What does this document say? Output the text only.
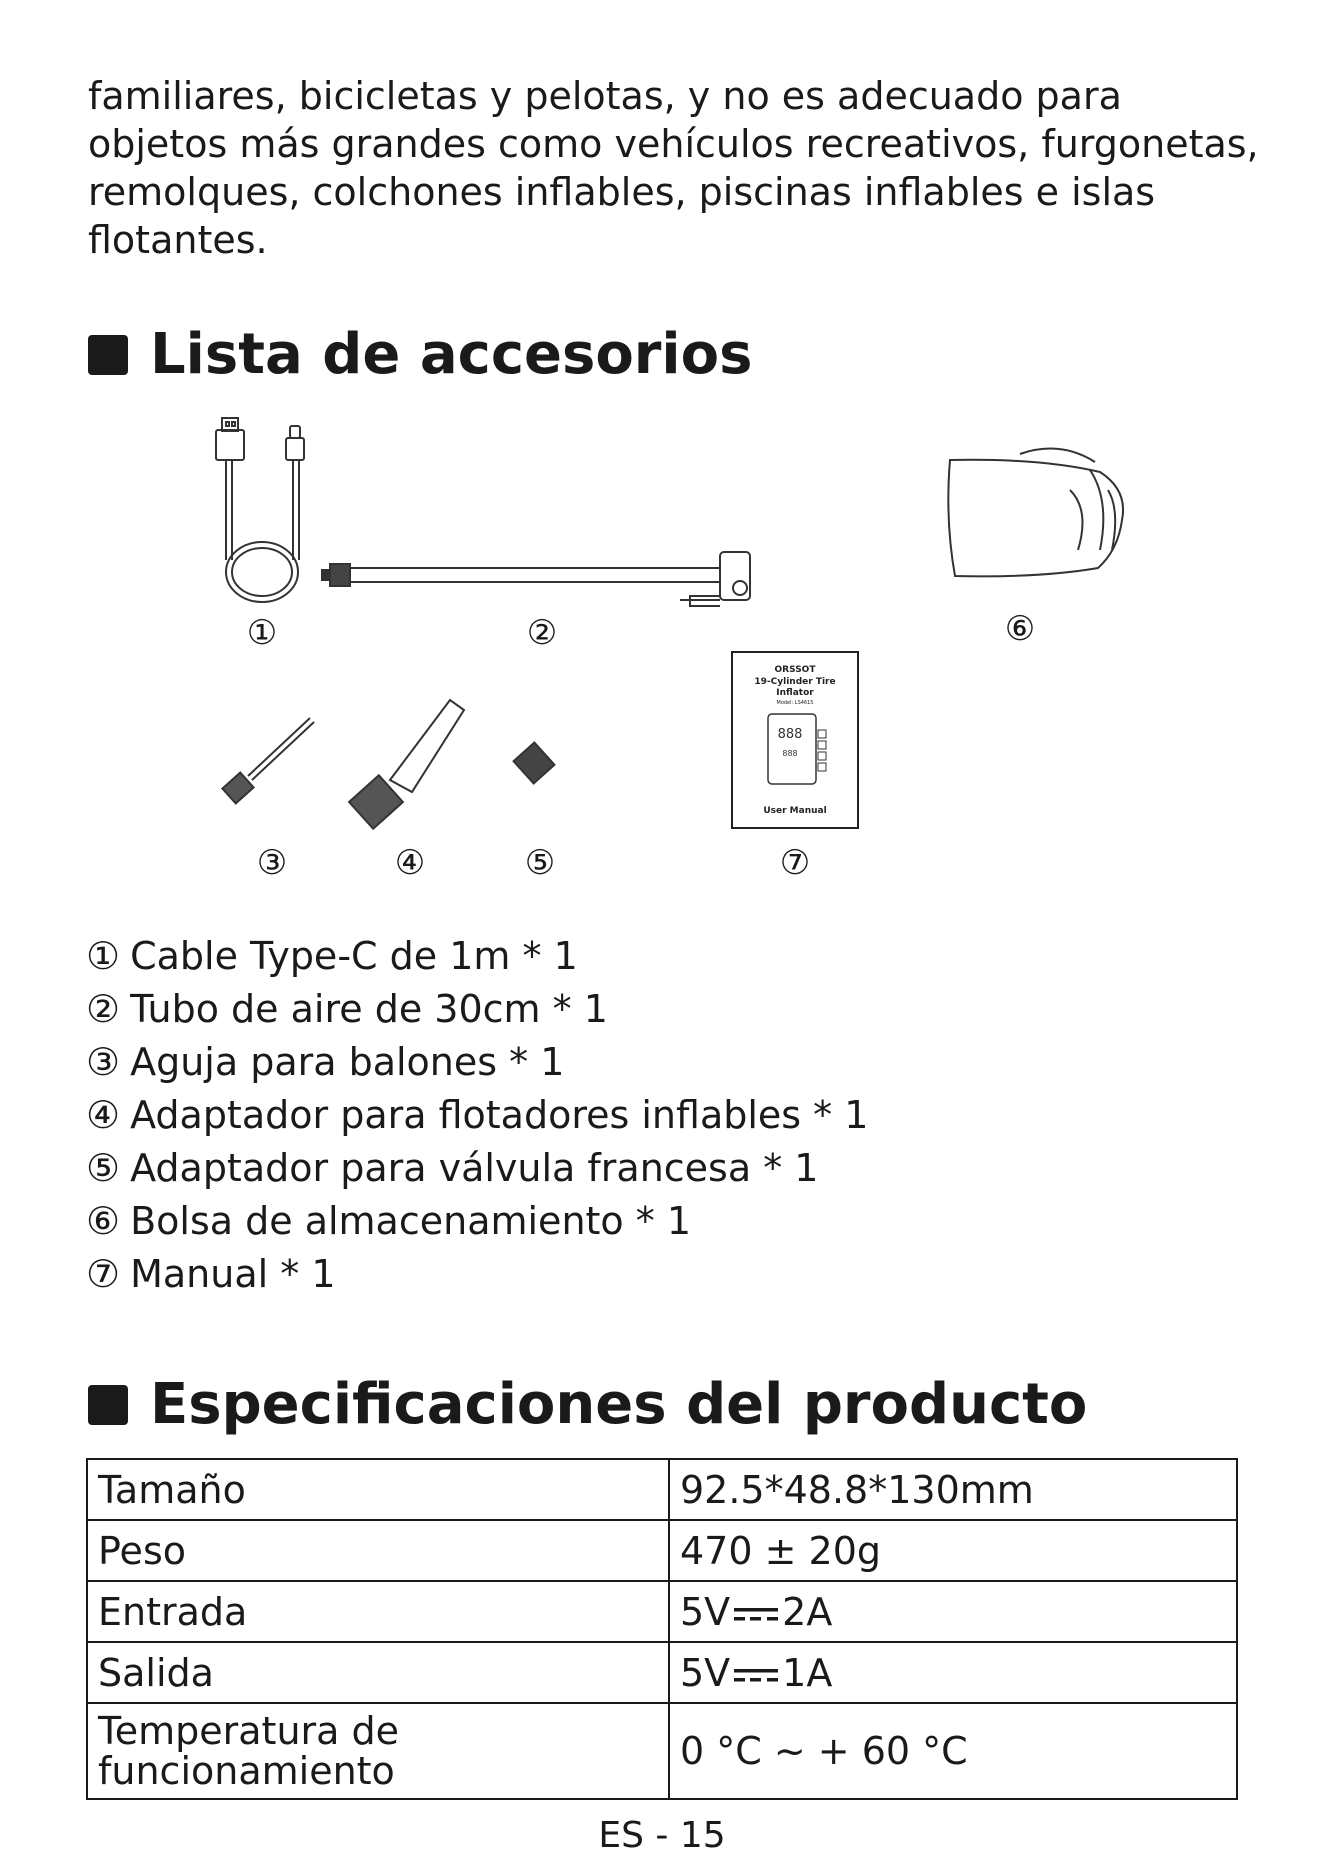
familiares, bicicletas y pelotas, y no es adecuado para objetos más grandes como vehículos recreativos, furgonetas, remolques, colchones inflables, piscinas inflables e islas flotantes.

Lista de accesorios
ORSSOT
19-Cylinder Tire
Inflator
Model: LS4615
888
888
User Manual
①	②	⑥
③	④	⑤	⑦
① Cable Type-C de 1m * 1
② Tubo de aire de 30cm * 1
③ Aguja para balones * 1
④ Adaptador para flotadores inflables * 1
⑤ Adaptador para válvula francesa * 1
⑥ Bolsa de almacenamiento * 1
⑦ Manual * 1
Especificaciones del producto
Tamaño	92.5*48.8*130mm
Peso	470 ± 20g
Entrada	5V 2A
Salida	5V 1A
Temperatura de
funcionamiento	0 °C ~ + 60 °C
ES - 15
